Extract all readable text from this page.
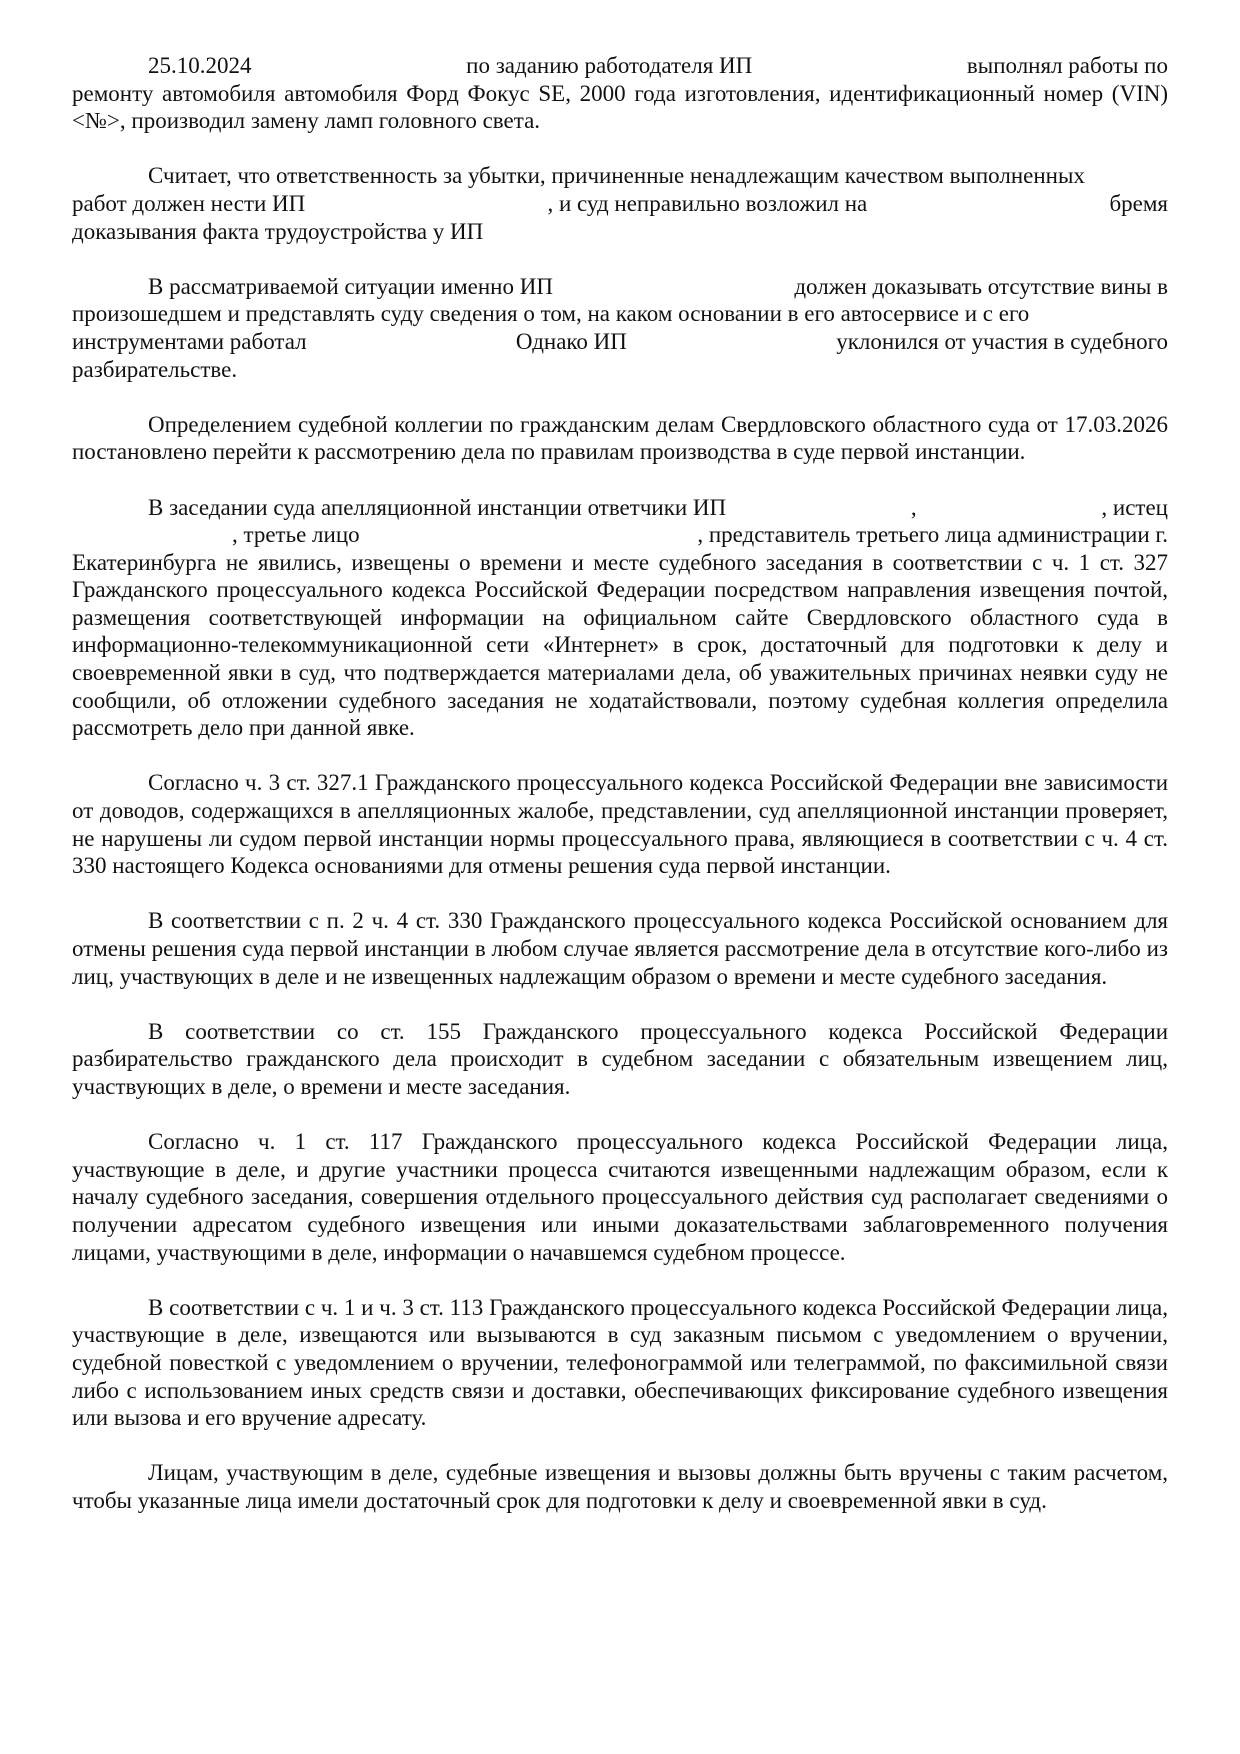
25.10.2024	по заданию работодателя ИП	выполнял работы по
ремонту автомобиля автомобиля Форд Фокус SE, 2000 года изготовления, идентификационный номер (VIN) <№>, производил замену ламп головного света.
Считает, что ответственность за убытки, причиненные ненадлежащим качеством выполненных
работ должен нести ИП	, и суд неправильно возложил на	бремя
доказывания факта трудоустройства у ИП
В рассматриваемой ситуации именно ИП	должен доказывать отсутствие вины в
произошедшем и представлять суду сведения о том, на каком основании в его автосервисе и с его
инструментами работал	Однако ИП	уклонился от участия в судебного
разбирательстве.

Определением судебной коллегии по гражданским делам Свердловского областного суда от 17.03.2026 постановлено перейти к рассмотрению дела по правилам производства в суде первой инстанции.

В заседании суда апелляционной инстанции ответчики ИП	,	, истец
, третье лицо	, представитель третьего лица администрации г.
Екатеринбурга не явились, извещены о времени и месте судебного заседания в соответствии с ч. 1 ст. 327 Гражданского процессуального кодекса Российской Федерации посредством направления извещения почтой, размещения соответствующей информации на официальном сайте Свердловского областного суда в информационно-телекоммуникационной сети «Интернет» в срок, достаточный для подготовки к делу и своевременной явки в суд, что подтверждается материалами дела, об уважительных причинах неявки суду не сообщили, об отложении судебного заседания не ходатайствовали, поэтому судебная коллегия определила рассмотреть дело при данной явке.

Согласно ч. 3 ст. 327.1 Гражданского процессуального кодекса Российской Федерации вне зависимости от доводов, содержащихся в апелляционных жалобе, представлении, суд апелляционной инстанции проверяет, не нарушены ли судом первой инстанции нормы процессуального права, являющиеся в соответствии с ч. 4 ст. 330 настоящего Кодекса основаниями для отмены решения суда первой инстанции.

В соответствии с п. 2 ч. 4 ст. 330 Гражданского процессуального кодекса Российской основанием для отмены решения суда первой инстанции в любом случае является рассмотрение дела в отсутствие кого-либо из лиц, участвующих в деле и не извещенных надлежащим образом о времени и месте судебного заседания.

В соответствии со ст. 155 Гражданского процессуального кодекса Российской Федерации разбирательство гражданского дела происходит в судебном заседании с обязательным извещением лиц, участвующих в деле, о времени и месте заседания.

Согласно ч. 1 ст. 117 Гражданского процессуального кодекса Российской Федерации лица, участвующие в деле, и другие участники процесса считаются извещенными надлежащим образом, если к началу судебного заседания, совершения отдельного процессуального действия суд располагает сведениями о получении адресатом судебного извещения или иными доказательствами заблаговременного получения лицами, участвующими в деле, информации о начавшемся судебном процессе.

В соответствии с ч. 1 и ч. 3 ст. 113 Гражданского процессуального кодекса Российской Федерации лица, участвующие в деле, извещаются или вызываются в суд заказным письмом с уведомлением о вручении, судебной повесткой с уведомлением о вручении, телефонограммой или телеграммой, по факсимильной связи либо с использованием иных средств связи и доставки, обеспечивающих фиксирование судебного извещения или вызова и его вручение адресату.

Лицам, участвующим в деле, судебные извещения и вызовы должны быть вручены с таким расчетом, чтобы указанные лица имели достаточный срок для подготовки к делу и своевременной явки в суд.
